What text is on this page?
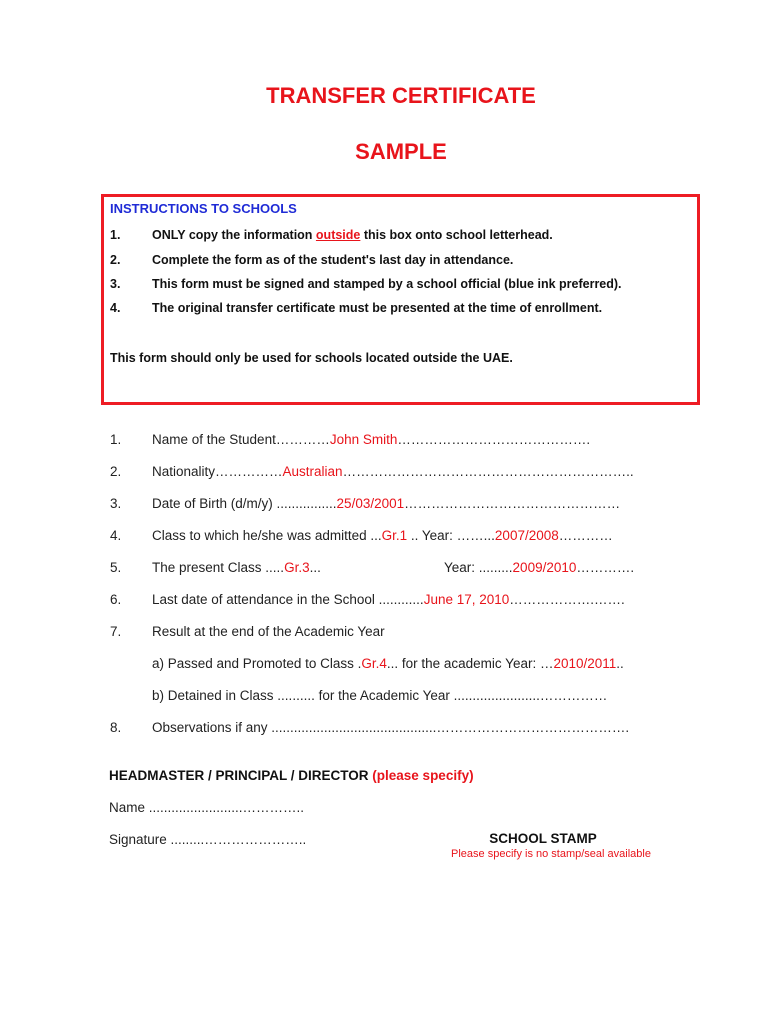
TRANSFER CERTIFICATE
SAMPLE
INSTRUCTIONS TO SCHOOLS
1.	ONLY copy the information outside this box onto school letterhead.
2.	Complete the form as of the student's last day in attendance.
3.	This form must be signed and stamped by a school official (blue ink preferred).
4.	The original transfer certificate must be presented at the time of enrollment.
This form should only be used for schools located outside the UAE.
1. Name of the Student…………John Smith…………………………………….
2. Nationality……………Australian………………………………………………………..
3. Date of Birth (d/m/y) ................25/03/2001…………………………………………
4. Class to which he/she was admitted ...Gr.1 .. Year: ……...2007/2008…………
5. The present Class .....Gr.3...	Year: .........2009/2010………….
6. Last date of attendance in the School ............June 17, 2010……………….…….
7. Result at the end of the Academic Year
a) Passed and Promoted to Class .Gr.4... for the academic Year: …2010/2011..
b) Detained in Class .......... for the Academic Year .......................……………
8. Observations if any ............................................…………………………………….
HEADMASTER / PRINCIPAL / DIRECTOR (please specify)
Name .........................…………..
Signature .........…………………..	SCHOOL STAMP
Please specify is no stamp/seal available
